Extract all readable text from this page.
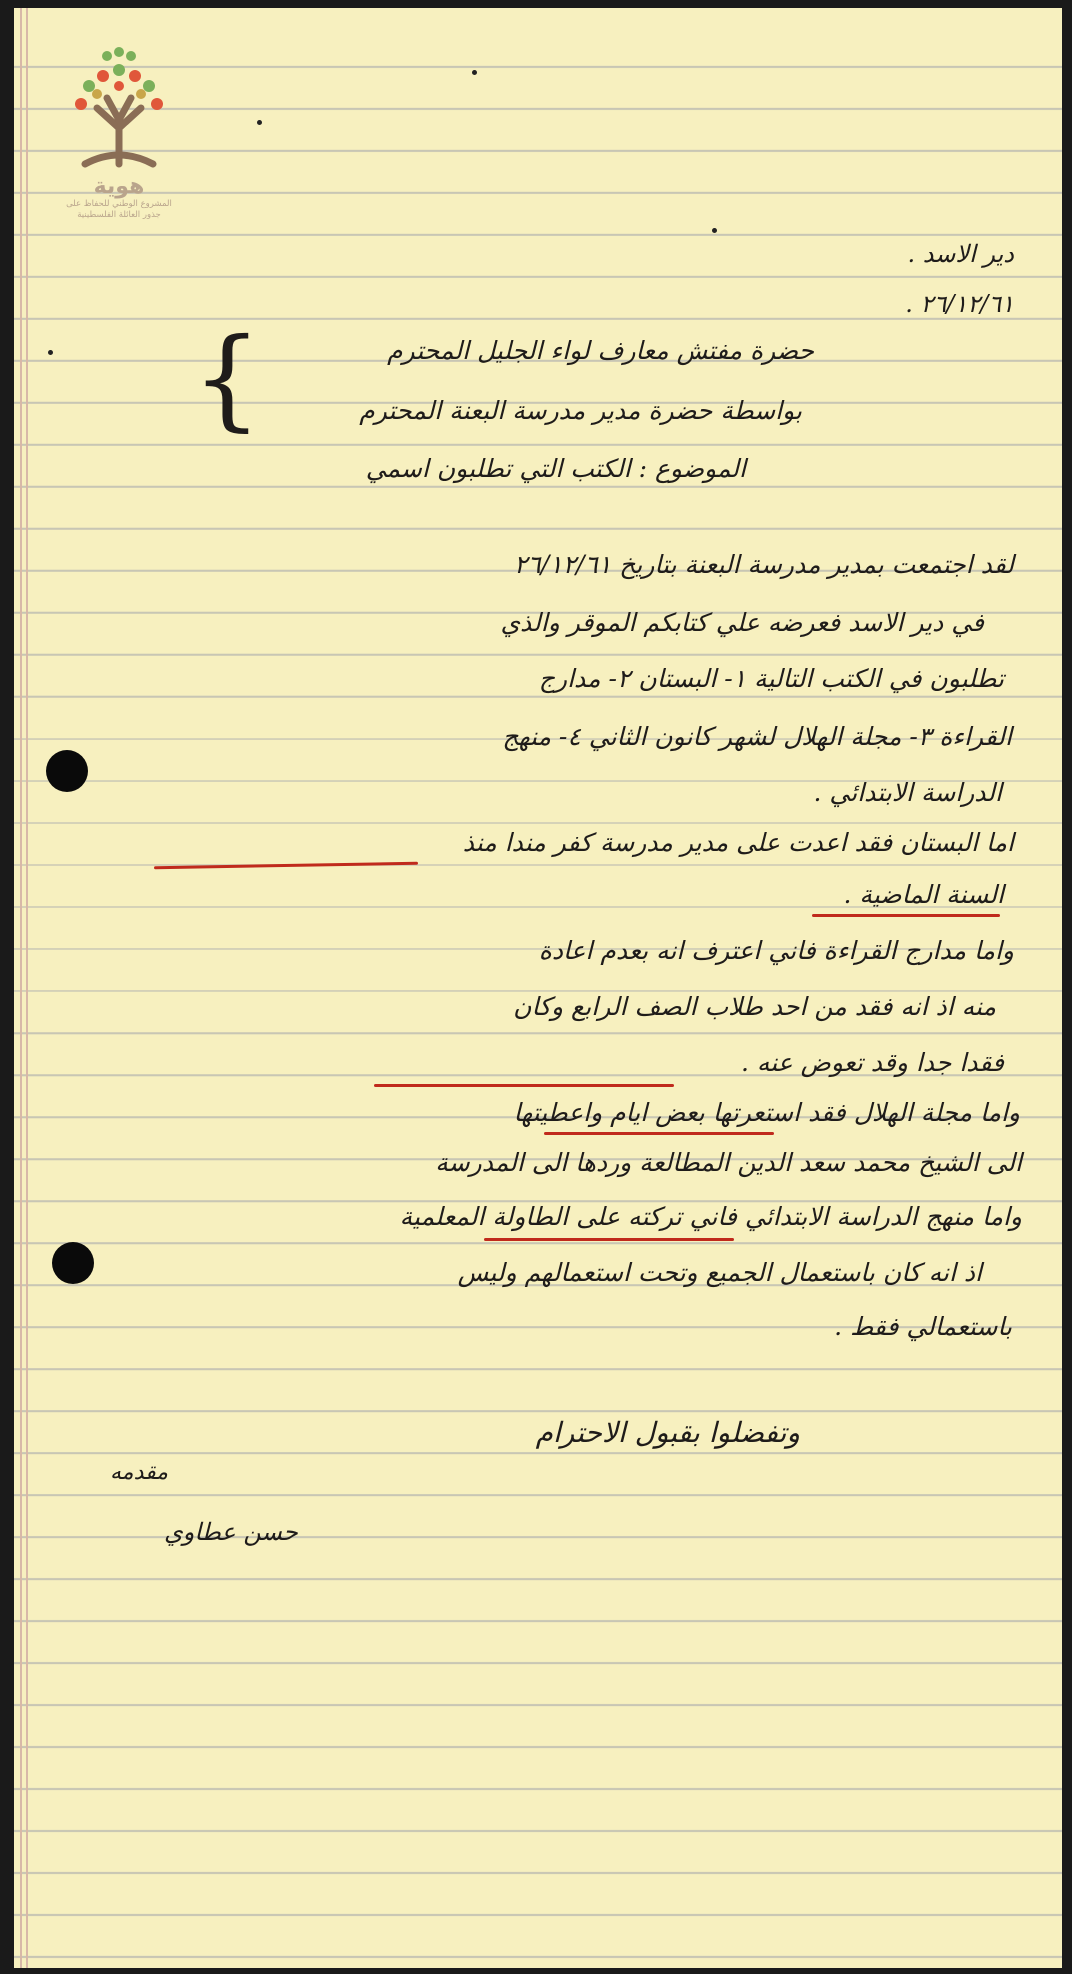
هوية
المشروع الوطني للحفاظ على
جذور العائلة الفلسطينية
دير الاسد .
٢٦/١٢/٦١ .
{	حضرة مفتش معارف لواء الجليل المحترم
بواسطة حضرة مدير مدرسة البعنة المحترم
الموضوع : الكتب التي تطلبون اسمي
لقد اجتمعت بمدير مدرسة البعنة بتاريخ ٢٦/١٢/٦١
في دير الاسد فعرضه علي كتابكم الموقر والذي
تطلبون في الكتب التالية ١- البستان ٢- مدارج
القراءة ٣- مجلة الهلال لشهر كانون الثاني ٤- منهج
الدراسة الابتدائي .
اما البستان فقد اعدت على مدير مدرسة كفر مندا منذ
السنة الماضية .
واما مدارج القراءة فاني اعترف انه بعدم اعادة
منه اذ انه فقد من احد طلاب الصف الرابع وكان
فقدا جدا وقد تعوض عنه .
واما مجلة الهلال فقد استعرتها بعض ايام واعطيتها
الى الشيخ محمد سعد الدين المطالعة وردها الى المدرسة
واما منهج الدراسة الابتدائي فاني تركته على الطاولة المعلمية
اذ انه كان باستعمال الجميع وتحت استعمالهم وليس
باستعمالي فقط .
وتفضلوا بقبول الاحترام
مقدمه
حسن عطاوي
